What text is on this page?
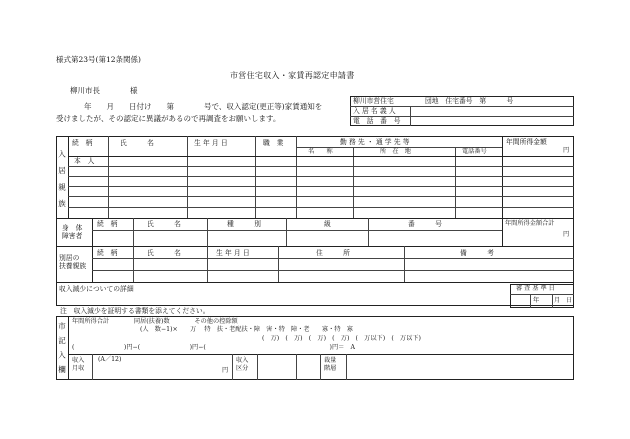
様式第23号(第12条関係)
市営住宅収入・家賃再認定申請書
柳川市長　　　　様
年　　月　　日付け　　第　　　　号で、収入認定(更正等)家賃通知を
受けましたが、その認定に異議があるので再調査をお願いします。
柳川市営住宅	団地　住宅番号　第　　　号
入 居 名 義 人
電　話　番　号
入居親族
続　柄	氏　　　名	生 年 月 日	職　業	勤 務 先 ・ 通 学 先 等
名　　称	所　在　地	電話番号
年間所得金額
円
本　人
身　体
障害者
続　柄	氏　　　名	種　　　別	級	番　　　号	年間所得金額合計
円
別居の
扶養親族
続　柄	氏　　　名	生 年 月 日	住　　　所	備　　　考
収入減少についての詳細	審 査 基 準 日
年 月 日
注　収入減少を証明する書類を添えてください。
市記入欄
年間所得合計　　　　同居(扶養)数　　　　その他の控除額
(人　数−1)×　　万　 特　扶・老配扶・障　害・特　障・老　　寡・特　寡
(　万)　(　万)　(　万)　(　万)　(　万以下)　(　万以下)
(　　　　　　　　)円−(　　　　　　　　)円−(　　　　　　　　　　　　　　　　　　　　)円＝　A
収入
月収
(A／12)
円
収入
区分
裁量
階層
